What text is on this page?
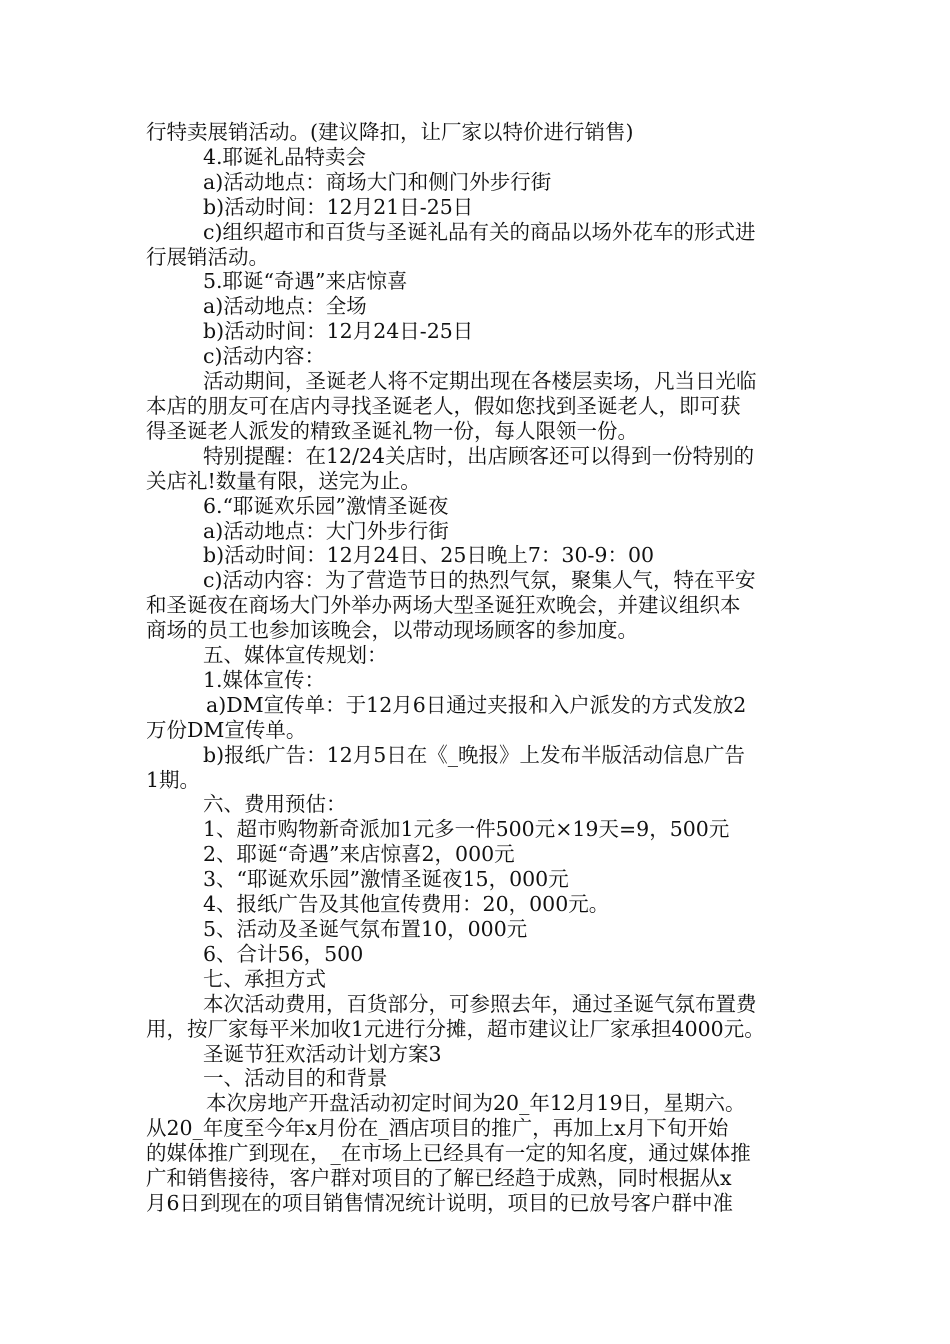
行特卖展销活动。(建议降扣，让厂家以特价进行销售)

4.耶诞礼品特卖会

a)活动地点：商场大门和侧门外步行街

b)活动时间：12月21日-25日

c)组织超市和百货与圣诞礼品有关的商品以场外花车的形式进

行展销活动。

5.耶诞“奇遇”来店惊喜

a)活动地点：全场

b)活动时间：12月24日-25日

c)活动内容：

活动期间，圣诞老人将不定期出现在各楼层卖场，凡当日光临

本店的朋友可在店内寻找圣诞老人，假如您找到圣诞老人，即可获

得圣诞老人派发的精致圣诞礼物一份，每人限领一份。

特别提醒：在12/24关店时，出店顾客还可以得到一份特别的

关店礼!数量有限，送完为止。

6.“耶诞欢乐园”激情圣诞夜

a)活动地点：大门外步行街

b)活动时间：12月24日、25日晚上7：30-9：00

c)活动内容：为了营造节日的热烈气氛，聚集人气，特在平安

和圣诞夜在商场大门外举办两场大型圣诞狂欢晚会，并建议组织本

商场的员工也参加该晚会，以带动现场顾客的参加度。

五、媒体宣传规划：

1.媒体宣传：

a)DM宣传单：于12月6日通过夹报和入户派发的方式发放2

万份DM宣传单。

b)报纸广告：12月5日在《_晚报》上发布半版活动信息广告

1期。

六、费用预估：

1、超市购物新奇派加1元多一件500元×19天=9，500元

2、耶诞“奇遇”来店惊喜2，000元

3、“耶诞欢乐园”激情圣诞夜15，000元

4、报纸广告及其他宣传费用：20，000元。

5、活动及圣诞气氛布置10，000元

6、合计56，500

七、承担方式

本次活动费用，百货部分，可参照去年，通过圣诞气氛布置费

用，按厂家每平米加收1元进行分摊，超市建议让厂家承担4000元。

圣诞节狂欢活动计划方案3

一、活动目的和背景

本次房地产开盘活动初定时间为20_年12月19日，星期六。

从20_年度至今年x月份在_酒店项目的推广，再加上x月下旬开始

的媒体推广到现在，_在市场上已经具有一定的知名度，通过媒体推

广和销售接待，客户群对项目的了解已经趋于成熟，同时根据从x

月6日到现在的项目销售情况统计说明，项目的已放号客户群中准
